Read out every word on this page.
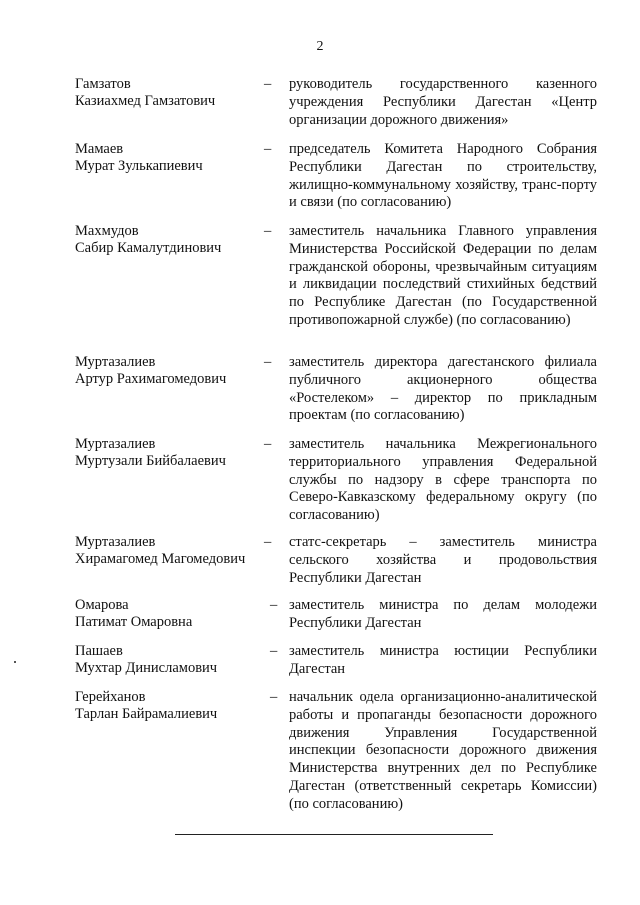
2
Гамзатов
Казиахмед Гамзатович
– руководитель государственного казенного учреждения Республики Дагестан «Центр организации дорожного движения»
Мамаев
Мурат Зулькапиевич
– председатель Комитета Народного Собрания Республики Дагестан по строительству, жилищно-коммунальному хозяйству, транс-порту и связи (по согласованию)
Махмудов
Сабир Камалутдинович
– заместитель начальника Главного управления Министерства Российской Федерации по делам гражданской обороны, чрезвычайным ситуациям и ликвидации последствий стихийных бедствий по Республике Дагестан (по Государственной противопожарной службе) (по согласованию)
Муртазалиев
Артур Рахимагомедович
– заместитель директора дагестанского филиала публичного акционерного общества «Ростелеком» – директор по прикладным проектам (по согласованию)
Муртазалиев
Муртузали Бийбалаевич
– заместитель начальника Межрегионального территориального управления Федеральной службы по надзору в сфере транспорта по Северо-Кавказскому федеральному округу (по согласованию)
Муртазалиев
Хирамагомед Магомедович
– статс-секретарь – заместитель министра сельского хозяйства и продовольствия Республики Дагестан
Омарова
Патимат Омаровна
– заместитель министра по делам молодежи Республики Дагестан
Пашаев
Мухтар Динисламович
– заместитель министра юстиции Республики Дагестан
Герейханов
Тарлан Байрамалиевич
– начальник одела организационно-аналитической работы и пропаганды безопасности дорожного движения Управления Государственной инспекции безопасности дорожного движения Министерства внутренних дел по Республике Дагестан (ответственный секретарь Комиссии) (по согласованию)
